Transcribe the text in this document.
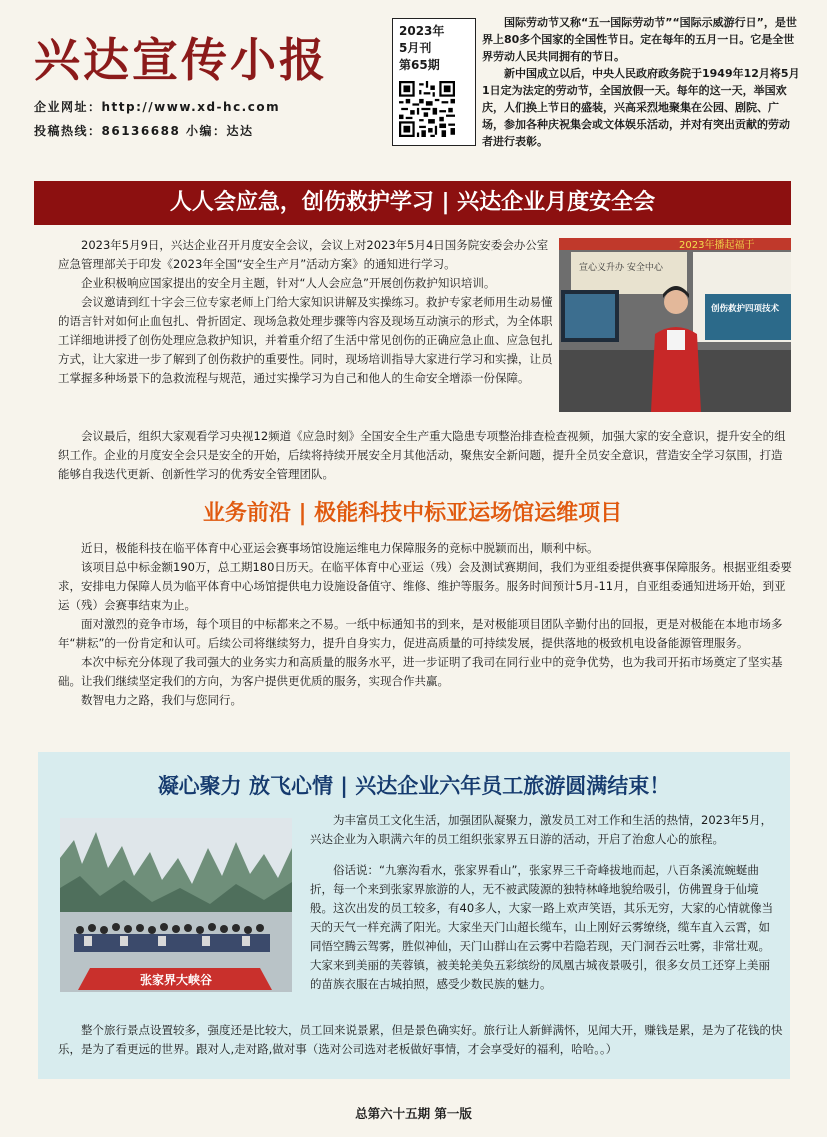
兴达宣传小报
企业网址：http://www.xd-hc.com
投稿热线：86136688 小编：达达
2023年
5月刊
第65期

国际劳动节又称“五一国际劳动节”“国际示威游行日”，是世界上80多个国家的全国性节日。定在每年的五月一日。它是全世界劳动人民共同拥有的节日。

新中国成立以后，中央人民政府政务院于1949年12月将5月1日定为法定的劳动节，全国放假一天。每年的这一天，举国欢庆，人们换上节日的盛装，兴高采烈地聚集在公园、剧院、广场，参加各种庆祝集会或文体娱乐活动，并对有突出贡献的劳动者进行表彰。

人人会应急，创伤救护学习 | 兴达企业月度安全会

2023年5月9日，兴达企业召开月度安全会议，会议上对2023年5月4日国务院安委会办公室应急管理部关于印发《2023年全国“安全生产月”活动方案》的通知进行学习。

企业积极响应国家提出的安全月主题，针对“人人会应急”开展创伤救护知识培训。

会议邀请到红十字会三位专家老师上门给大家知识讲解及实操练习。救护专家老师用生动易懂的语言针对如何止血包扎、骨折固定、现场急救处理步骤等内容及现场互动演示的形式，为全体职工详细地讲授了创伤处理应急救护知识，并着重介绍了生活中常见创伤的正确应急止血、应急包扎方式，让大家进一步了解到了创伤救护的重要性。同时，现场培训指导大家进行学习和实操，让员工掌握多种场景下的急救流程与规范，通过实操学习为自己和他人的生命安全增添一份保障。

会议最后，组织大家观看学习央视12频道《应急时刻》全国安全生产重大隐患专项整治排查检查视频，加强大家的安全意识，提升安全的组织工作。企业的月度安全会只是安全的开始，后续将持续开展安全月其他活动，聚焦安全新问题，提升全员安全意识，营造安全学习氛围，打造能够自我迭代更新、创新性学习的优秀安全管理团队。

2023年播起福于
宣心义升办 安全中心
创伤救护四项技术
业务前沿 | 极能科技中标亚运场馆运维项目

近日，极能科技在临平体育中心亚运会赛事场馆设施运维电力保障服务的竞标中脱颖而出，顺利中标。

该项目总中标金额190万，总工期180日历天。在临平体育中心亚运（残）会及测试赛期间，我们为亚组委提供赛事保障服务。根据亚组委要求，安排电力保障人员为临平体育中心场馆提供电力设施设备值守、维修、维护等服务。服务时间预计5月-11月，自亚组委通知进场开始，到亚运（残）会赛事结束为止。

面对激烈的竞争市场，每个项目的中标都来之不易。一纸中标通知书的到来，是对极能项目团队辛勤付出的回报，更是对极能在本地市场多年“耕耘”的一份肯定和认可。后续公司将继续努力，提升自身实力，促进高质量的可持续发展，提供落地的极致机电设备能源管理服务。

本次中标充分体现了我司强大的业务实力和高质量的服务水平，进一步证明了我司在同行业中的竞争优势，也为我司开拓市场奠定了坚实基础。让我们继续坚定我们的方向，为客户提供更优质的服务，实现合作共赢。

数智电力之路，我们与您同行。

凝心聚力 放飞心情 | 兴达企业六年员工旅游圆满结束！

为丰富员工文化生活，加强团队凝聚力，激发员工对工作和生活的热情，2023年5月，兴达企业为入职满六年的员工组织张家界五日游的活动，开启了治愈人心的旅程。

俗话说：“九寨沟看水，张家界看山”，张家界三千奇峰拔地而起，八百条溪流蜿蜒曲折，每一个来到张家界旅游的人，无不被武陵源的独特林峰地貌给吸引，仿佛置身于仙境般。这次出发的员工较多，有40多人，大家一路上欢声笑语，其乐无穷，大家的心情就像当天的天气一样充满了阳光。大家坐天门山超长缆车，山上刚好云雾缭绕，缆车直入云霄，如同悟空腾云驾雾，胜似神仙，天门山群山在云雾中若隐若现，天门洞吞云吐雾，非常壮观。大家来到美丽的芙蓉镇，被美轮美奂五彩缤纷的凤凰古城夜景吸引，很多女员工还穿上美丽的苗族衣服在古城拍照，感受少数民族的魅力。

整个旅行景点设置较多，强度还是比较大，员工回来说景累，但是景色确实好。旅行让人新鲜满怀，见闻大开，赚钱是累，是为了花钱的快乐，是为了看更远的世界。跟对人,走对路,做对事（选对公司选对老板做好事情，才会享受好的福利，哈哈。。）

张家界大峡谷
总第六十五期 第一版
